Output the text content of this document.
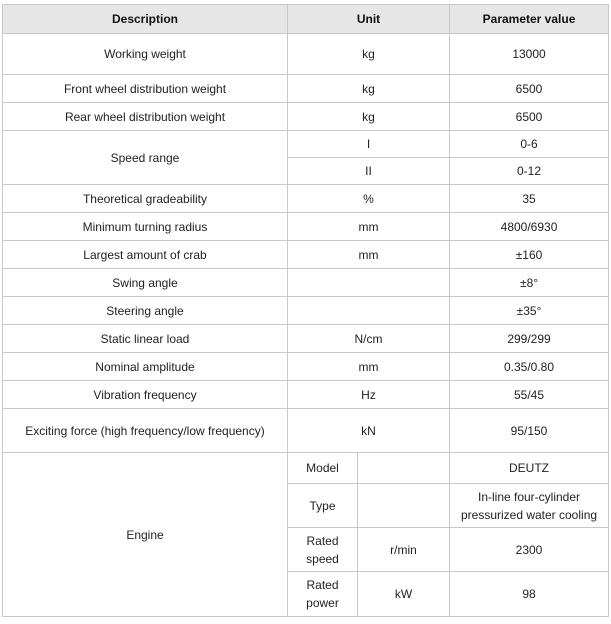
Description	Unit		Parameter value
Working weight	kg		13000
Front wheel distribution weight	kg		6500
Rear wheel distribution weight	kg		6500
Speed range	I		0-6
	II		0-12
Theoretical gradeability	%		35
Minimum turning radius	mm		4800/6930
Largest amount of crab	mm		±160
Swing angle			±8°
Steering angle			±35°
Static linear load	N/cm		299/299
Nominal amplitude	mm		0.35/0.80
Vibration frequency	Hz		55/45
Exciting force (high frequency/low frequency)	kN		95/150
Engine	Model		DEUTZ
	Type		In-line four-cylinder pressurized water cooling
	Rated speed	r/min	2300
	Rated power	kW	98
